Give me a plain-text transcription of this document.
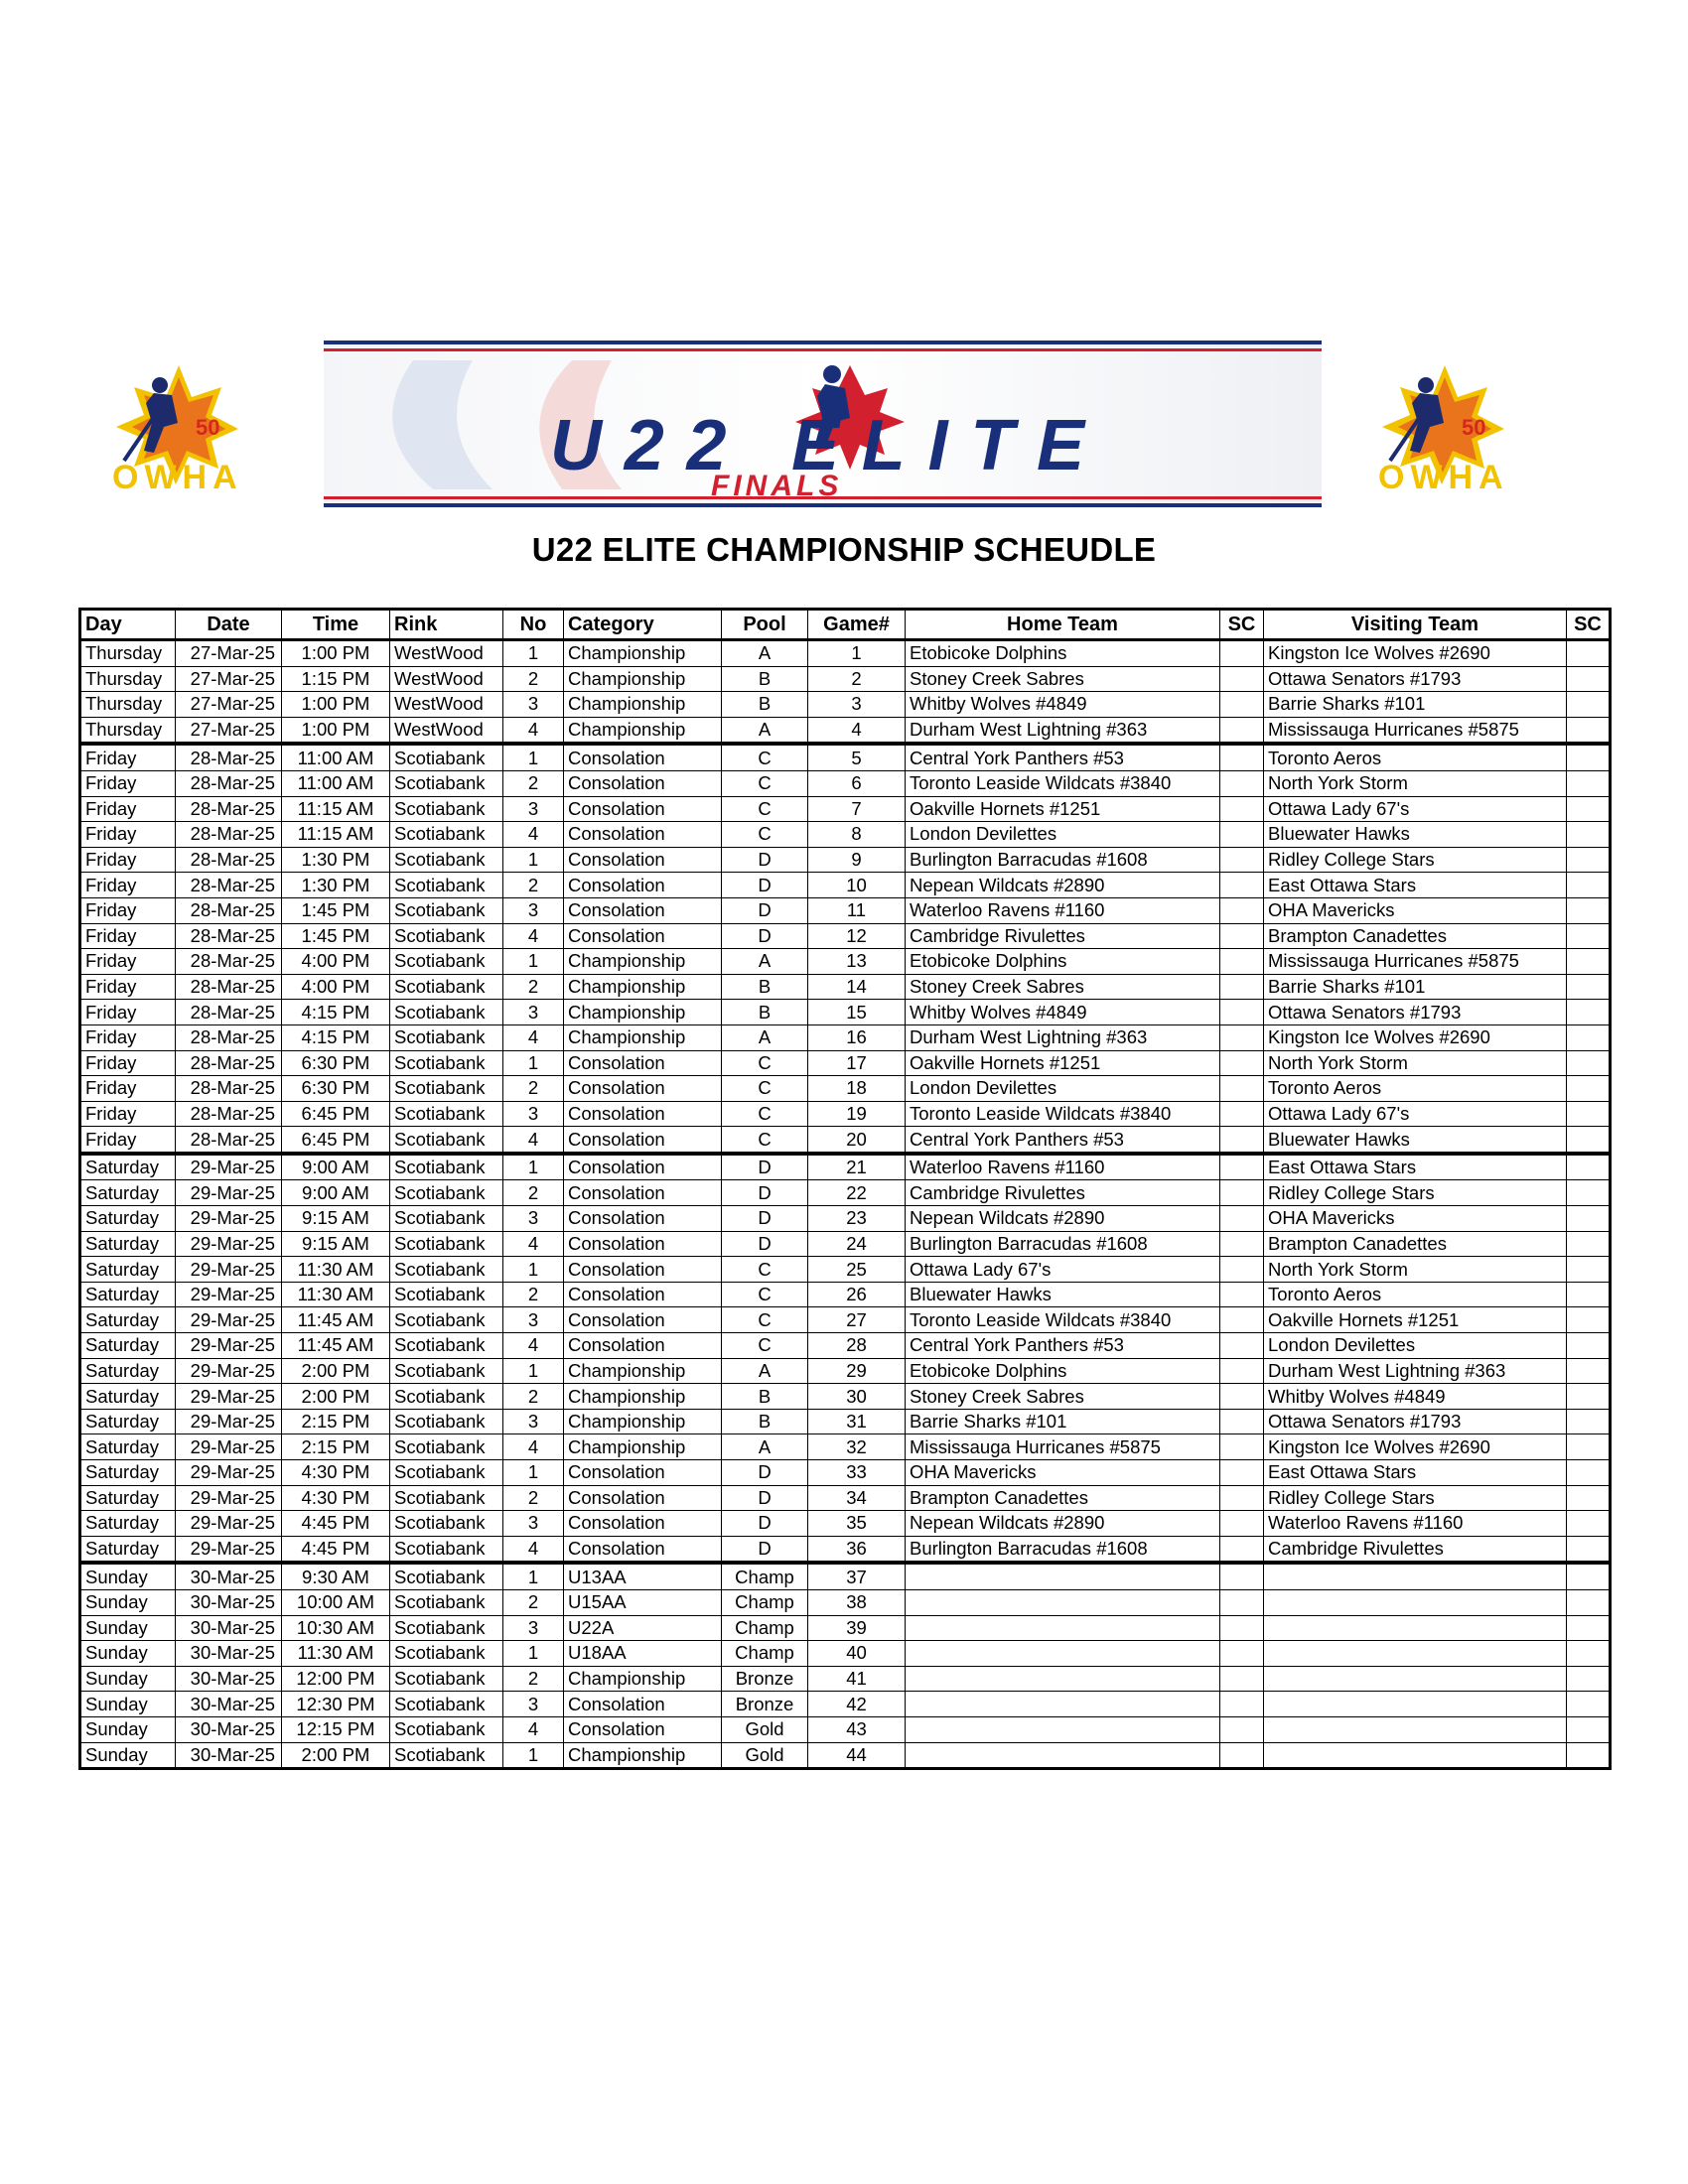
50
OWHA	U22 ELITE
FINALS
50
OWHA
U22 ELITE CHAMPIONSHIP SCHEUDLE
Day	Date	Time	Rink	No	Category	Pool	Game#	Home Team	SC	Visiting Team	SC
Thursday	27-Mar-25	1:00 PM	WestWood	1	Championship	A	1	Etobicoke Dolphins		Kingston Ice Wolves #2690	
Thursday	27-Mar-25	1:15 PM	WestWood	2	Championship	B	2	Stoney Creek Sabres		Ottawa Senators #1793	
Thursday	27-Mar-25	1:00 PM	WestWood	3	Championship	B	3	Whitby Wolves #4849		Barrie Sharks #101	
Thursday	27-Mar-25	1:00 PM	WestWood	4	Championship	A	4	Durham West Lightning #363		Mississauga Hurricanes #5875	
Friday	28-Mar-25	11:00 AM	Scotiabank	1	Consolation	C	5	Central York Panthers #53		Toronto Aeros	
Friday	28-Mar-25	11:00 AM	Scotiabank	2	Consolation	C	6	Toronto Leaside Wildcats #3840		North York Storm	
Friday	28-Mar-25	11:15 AM	Scotiabank	3	Consolation	C	7	Oakville Hornets #1251		Ottawa Lady 67's	
Friday	28-Mar-25	11:15 AM	Scotiabank	4	Consolation	C	8	London Devilettes		Bluewater Hawks	
Friday	28-Mar-25	1:30 PM	Scotiabank	1	Consolation	D	9	Burlington Barracudas #1608		Ridley College Stars	
Friday	28-Mar-25	1:30 PM	Scotiabank	2	Consolation	D	10	Nepean Wildcats #2890		East Ottawa Stars	
Friday	28-Mar-25	1:45 PM	Scotiabank	3	Consolation	D	11	Waterloo Ravens #1160		OHA Mavericks	
Friday	28-Mar-25	1:45 PM	Scotiabank	4	Consolation	D	12	Cambridge Rivulettes		Brampton Canadettes	
Friday	28-Mar-25	4:00 PM	Scotiabank	1	Championship	A	13	Etobicoke Dolphins		Mississauga Hurricanes #5875	
Friday	28-Mar-25	4:00 PM	Scotiabank	2	Championship	B	14	Stoney Creek Sabres		Barrie Sharks #101	
Friday	28-Mar-25	4:15 PM	Scotiabank	3	Championship	B	15	Whitby Wolves #4849		Ottawa Senators #1793	
Friday	28-Mar-25	4:15 PM	Scotiabank	4	Championship	A	16	Durham West Lightning #363		Kingston Ice Wolves #2690	
Friday	28-Mar-25	6:30 PM	Scotiabank	1	Consolation	C	17	Oakville Hornets #1251		North York Storm	
Friday	28-Mar-25	6:30 PM	Scotiabank	2	Consolation	C	18	London Devilettes		Toronto Aeros	
Friday	28-Mar-25	6:45 PM	Scotiabank	3	Consolation	C	19	Toronto Leaside Wildcats #3840		Ottawa Lady 67's	
Friday	28-Mar-25	6:45 PM	Scotiabank	4	Consolation	C	20	Central York Panthers #53		Bluewater Hawks	
Saturday	29-Mar-25	9:00 AM	Scotiabank	1	Consolation	D	21	Waterloo Ravens #1160		East Ottawa Stars	
Saturday	29-Mar-25	9:00 AM	Scotiabank	2	Consolation	D	22	Cambridge Rivulettes		Ridley College Stars	
Saturday	29-Mar-25	9:15 AM	Scotiabank	3	Consolation	D	23	Nepean Wildcats #2890		OHA Mavericks	
Saturday	29-Mar-25	9:15 AM	Scotiabank	4	Consolation	D	24	Burlington Barracudas #1608		Brampton Canadettes	
Saturday	29-Mar-25	11:30 AM	Scotiabank	1	Consolation	C	25	Ottawa Lady 67's		North York Storm	
Saturday	29-Mar-25	11:30 AM	Scotiabank	2	Consolation	C	26	Bluewater Hawks		Toronto Aeros	
Saturday	29-Mar-25	11:45 AM	Scotiabank	3	Consolation	C	27	Toronto Leaside Wildcats #3840		Oakville Hornets #1251	
Saturday	29-Mar-25	11:45 AM	Scotiabank	4	Consolation	C	28	Central York Panthers #53		London Devilettes	
Saturday	29-Mar-25	2:00 PM	Scotiabank	1	Championship	A	29	Etobicoke Dolphins		Durham West Lightning #363	
Saturday	29-Mar-25	2:00 PM	Scotiabank	2	Championship	B	30	Stoney Creek Sabres		Whitby Wolves #4849	
Saturday	29-Mar-25	2:15 PM	Scotiabank	3	Championship	B	31	Barrie Sharks #101		Ottawa Senators #1793	
Saturday	29-Mar-25	2:15 PM	Scotiabank	4	Championship	A	32	Mississauga Hurricanes #5875		Kingston Ice Wolves #2690	
Saturday	29-Mar-25	4:30 PM	Scotiabank	1	Consolation	D	33	OHA Mavericks		East Ottawa Stars	
Saturday	29-Mar-25	4:30 PM	Scotiabank	2	Consolation	D	34	Brampton Canadettes		Ridley College Stars	
Saturday	29-Mar-25	4:45 PM	Scotiabank	3	Consolation	D	35	Nepean Wildcats #2890		Waterloo Ravens #1160	
Saturday	29-Mar-25	4:45 PM	Scotiabank	4	Consolation	D	36	Burlington Barracudas #1608		Cambridge Rivulettes	
Sunday	30-Mar-25	9:30 AM	Scotiabank	1	U13AA	Champ	37				
Sunday	30-Mar-25	10:00 AM	Scotiabank	2	U15AA	Champ	38				
Sunday	30-Mar-25	10:30 AM	Scotiabank	3	U22A	Champ	39				
Sunday	30-Mar-25	11:30 AM	Scotiabank	1	U18AA	Champ	40				
Sunday	30-Mar-25	12:00 PM	Scotiabank	2	Championship	Bronze	41				
Sunday	30-Mar-25	12:30 PM	Scotiabank	3	Consolation	Bronze	42				
Sunday	30-Mar-25	12:15 PM	Scotiabank	4	Consolation	Gold	43				
Sunday	30-Mar-25	2:00 PM	Scotiabank	1	Championship	Gold	44				
